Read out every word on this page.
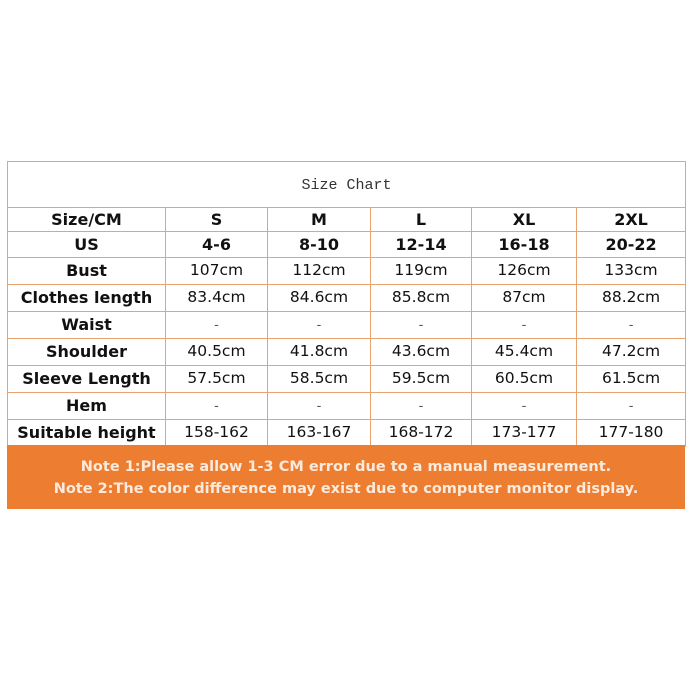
Size Chart					
Size/CM	S	M	L	XL	2XL
US	4-6	8-10	12-14	16-18	20-22
Bust	107cm	112cm	119cm	126cm	133cm
Clothes length	83.4cm	84.6cm	85.8cm	87cm	88.2cm
Waist	-	-	-	-	-
Shoulder	40.5cm	41.8cm	43.6cm	45.4cm	47.2cm
Sleeve Length	57.5cm	58.5cm	59.5cm	60.5cm	61.5cm
Hem	-	-	-	-	-
Suitable height	158-162	163-167	168-172	173-177	177-180
Note 1:Please allow 1-3 CM error due to a manual measurement.
Note 2:The color difference may exist due to computer monitor display.
